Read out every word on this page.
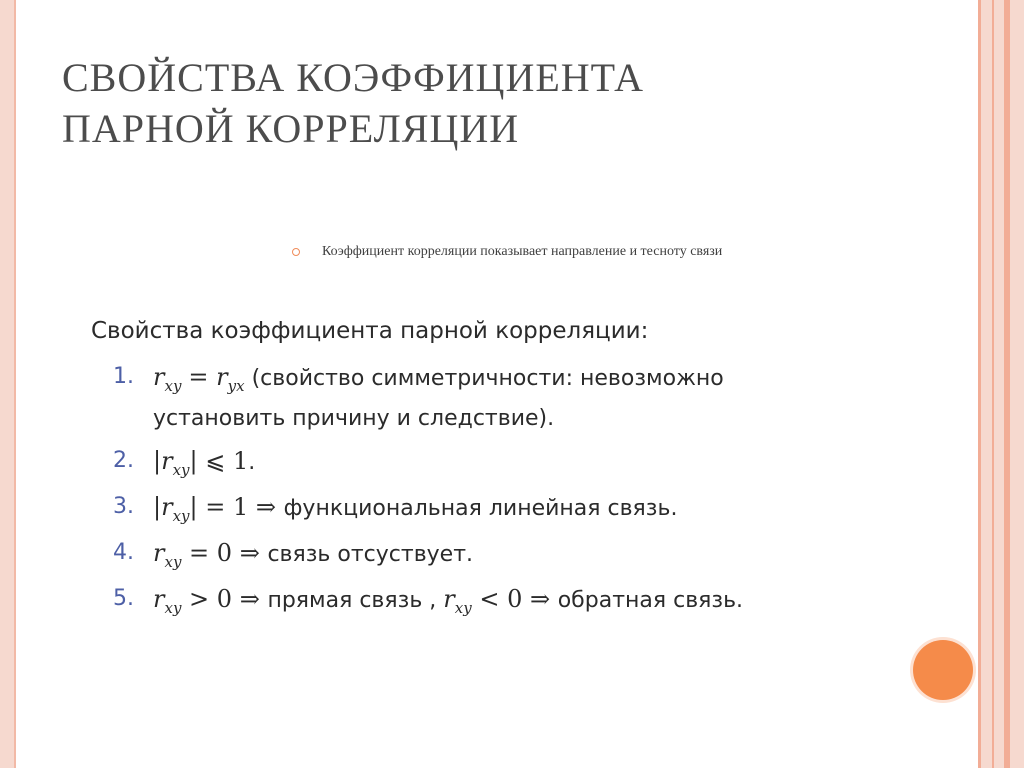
СВОЙСТВА КОЭФФИЦИЕНТА
ПАРНОЙ КОРРЕЛЯЦИИ
Коэффициент корреляции показывает направление и тесноту связи
Свойства коэффициента парной корреляции:
1. $r_{xy} = r_{yx}$ (свойство симметричности: невозможно
установить причину и следствие).
2. $|r_{xy}|$ ⩽ 1.
3. $|r_{xy}| = 1$ ⇒ функциональная линейная связь.
4. $r_{xy} = 0$ ⇒ связь отсуствует.
5. $r_{xy} > 0$ ⇒ прямая связь , $r_{xy} < 0$ ⇒ обратная связь.
